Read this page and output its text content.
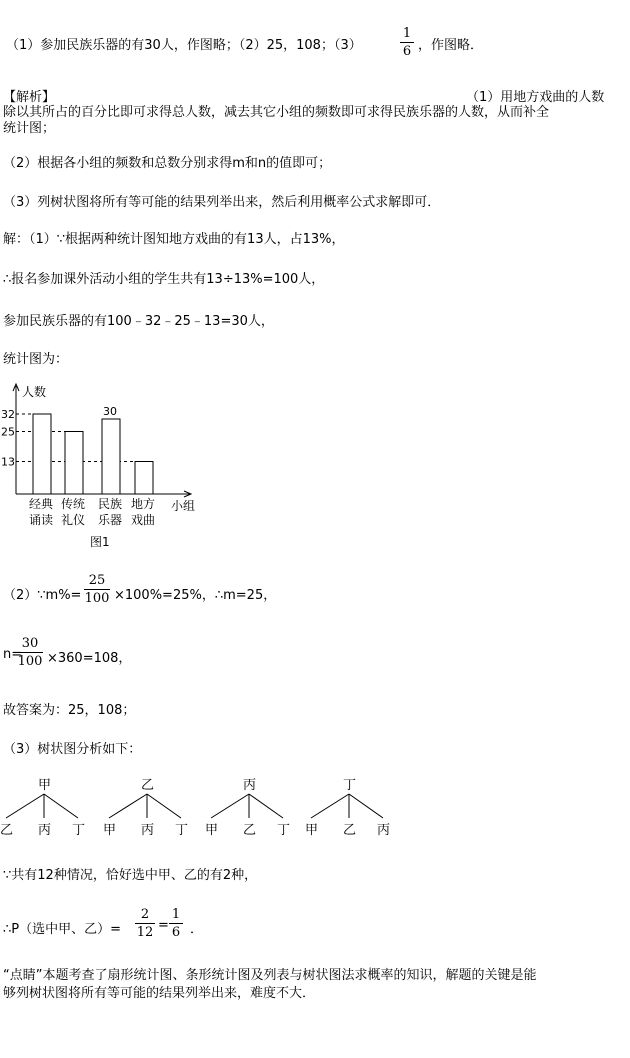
（1）参加民族乐器的有30人，作图略；（2）25，108；（3）
1
6 ，作图略．
【解析】	（1）用地方戏曲的人数
除以其所占的百分比即可求得总人数，减去其它小组的频数即可求得民族乐器的人数，从而补全
统计图；
（2）根据各小组的频数和总数分别求得m和n的值即可；
（3）列树状图将所有等可能的结果列举出来，然后利用概率公式求解即可．
解：（1）∵根据两种统计图知地方戏曲的有13人，占13%，
∴报名参加课外活动小组的学生共有13÷13%=100人，
参加民族乐器的有100﹣32﹣25﹣13=30人，
统计图为：
人数
小组
32
25
13
30
经典
诵读
传统
礼仪
民族
乐器
地方
戏曲
图1
（2）∵m%=
25
100 ×100%=25%，∴m=25，
n=
30
100 ×360=108，
故答案为：25，108；
（3）树状图分析如下：
甲
乙 丙 丁
乙
甲 丙 丁
丙
甲 乙 丁
丁
甲 乙 丙
∵共有12种情况，恰好选中甲、乙的有2种，
∴P（选中甲、乙）=
2
12 =
1
6 ．
“点睛”本题考查了扇形统计图、条形统计图及列表与树状图法求概率的知识，解题的关键是能
够列树状图将所有等可能的结果列举出来，难度不大．
